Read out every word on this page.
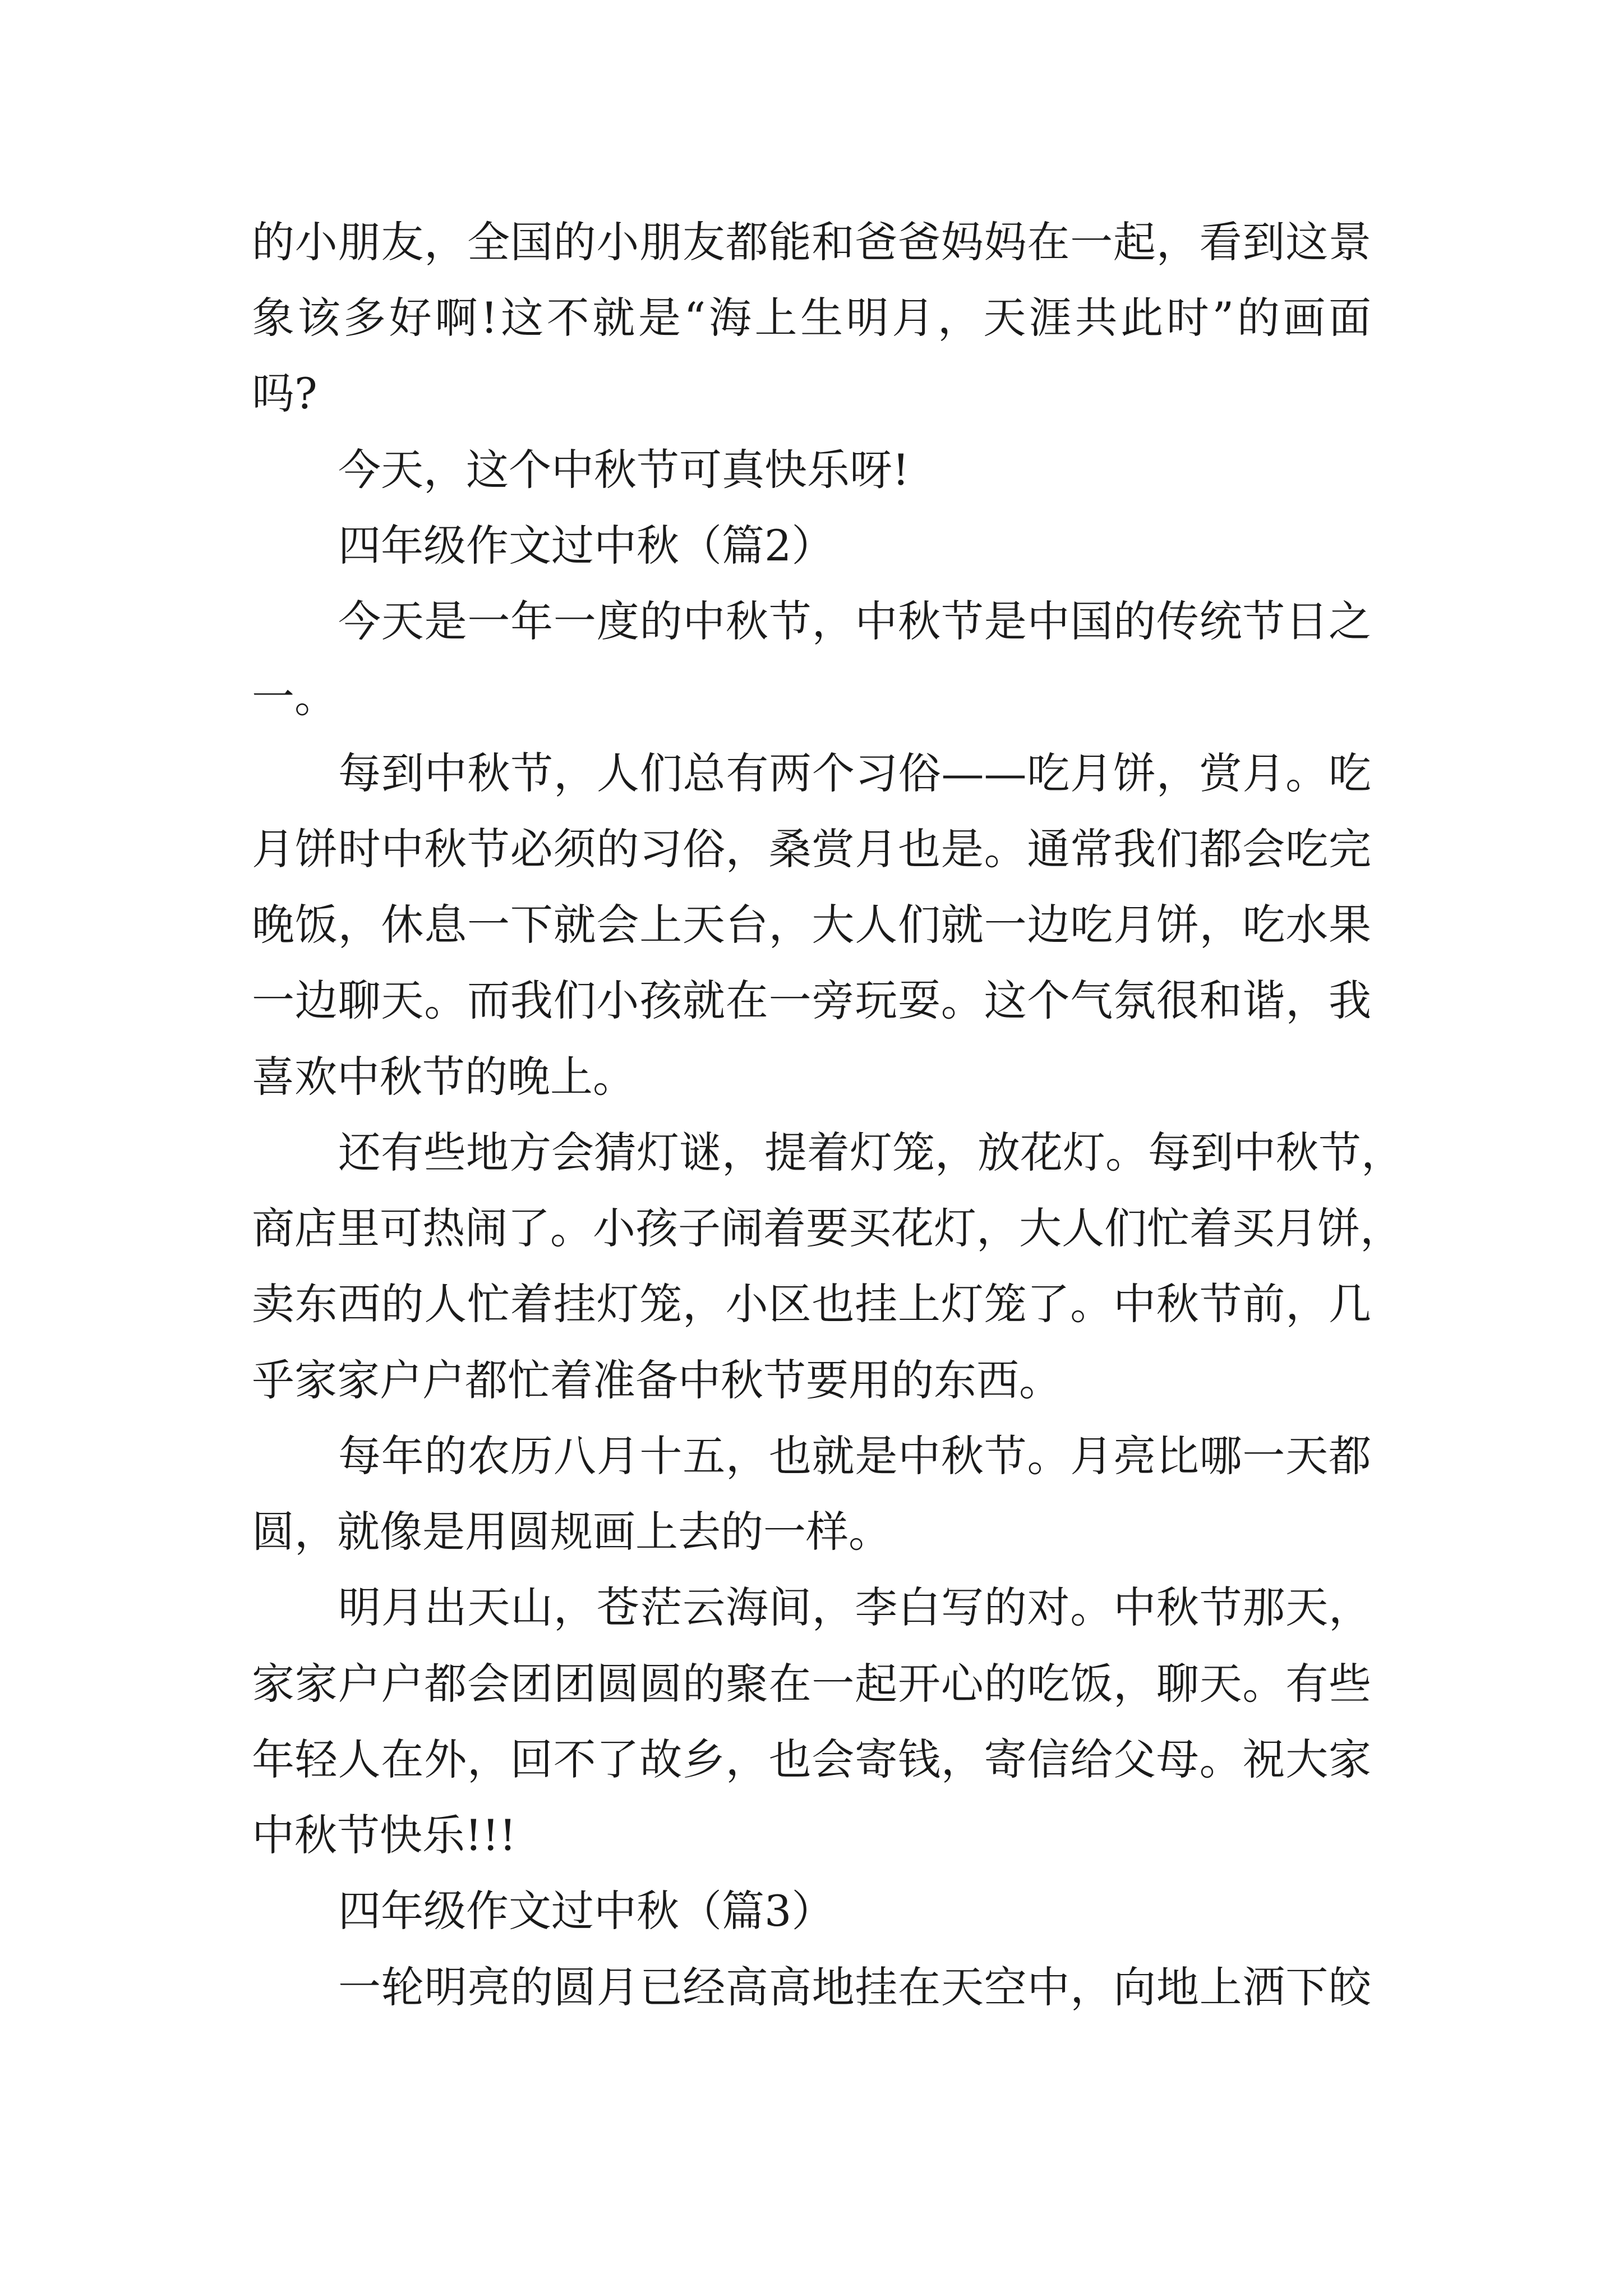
的小朋友，全国的小朋友都能和爸爸妈妈在一起，看到这景
象该多好啊!这不就是“海上生明月，天涯共此时”的画面
吗?
今天，这个中秋节可真快乐呀!
四年级作文过中秋（篇2）
今天是一年一度的中秋节，中秋节是中国的传统节日之
一。
每到中秋节，人们总有两个习俗——吃月饼，赏月。吃
月饼时中秋节必须的习俗，桑赏月也是。通常我们都会吃完
晚饭，休息一下就会上天台，大人们就一边吃月饼，吃水果
一边聊天。而我们小孩就在一旁玩耍。这个气氛很和谐，我
喜欢中秋节的晚上。
还有些地方会猜灯谜，提着灯笼，放花灯。每到中秋节，
商店里可热闹了。小孩子闹着要买花灯，大人们忙着买月饼，
卖东西的人忙着挂灯笼，小区也挂上灯笼了。中秋节前，几
乎家家户户都忙着准备中秋节要用的东西。
每年的农历八月十五，也就是中秋节。月亮比哪一天都
圆，就像是用圆规画上去的一样。
明月出天山，苍茫云海间，李白写的对。中秋节那天，
家家户户都会团团圆圆的聚在一起开心的吃饭，聊天。有些
年轻人在外，回不了故乡，也会寄钱，寄信给父母。祝大家
中秋节快乐!!!
四年级作文过中秋（篇3）
一轮明亮的圆月已经高高地挂在天空中，向地上洒下皎
